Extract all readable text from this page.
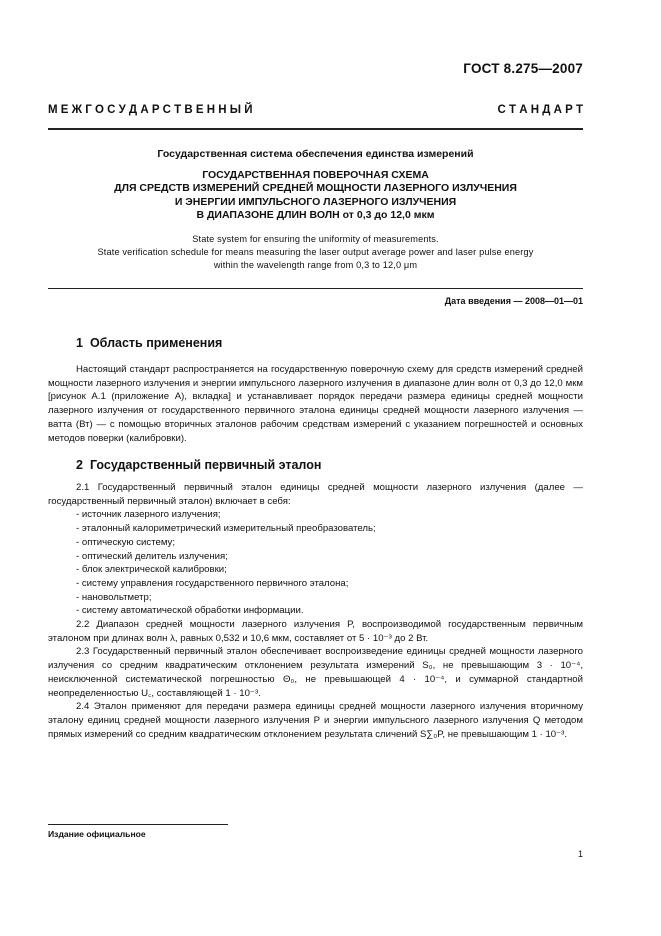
ГОСТ 8.275—2007
М Е Ж Г О С У Д А Р С Т В Е Н Н Ы Й	С Т А Н Д А Р Т
Государственная система обеспечения единства измерений
ГОСУДАРСТВЕННАЯ ПОВЕРОЧНАЯ СХЕМА
ДЛЯ СРЕДСТВ ИЗМЕРЕНИЙ СРЕДНЕЙ МОЩНОСТИ ЛАЗЕРНОГО ИЗЛУЧЕНИЯ
И ЭНЕРГИИ ИМПУЛЬСНОГО ЛАЗЕРНОГО ИЗЛУЧЕНИЯ
В ДИАПАЗОНЕ ДЛИН ВОЛН от 0,3 до 12,0 мкм
State system for ensuring the uniformity of measurements.
State verification schedule for means measuring the laser output average power and laser pulse energy
within the wavelength range from 0,3 to 12,0 μm
Дата введения — 2008—01—01
1 Область применения

Настоящий стандарт распространяется на государственную поверочную схему для средств измерений средней мощности лазерного излучения и энергии импульсного лазерного излучения в диапазоне длин волн от 0,3 до 12,0 мкм [рисунок А.1 (приложение А), вкладка] и устанавливает порядок передачи размера единицы средней мощности лазерного излучения от государственного первичного эталона единицы средней мощности лазерного излучения — ватта (Вт) — с помощью вторичных эталонов рабочим средствам измерений с указанием погрешностей и основных методов поверки (калибровки).

2 Государственный первичный эталон

2.1 Государственный первичный эталон единицы средней мощности лазерного излучения (далее — государственный первичный эталон) включает в себя:

- источник лазерного излучения;
- эталонный калориметрический измерительный преобразователь;
- оптическую систему;
- оптический делитель излучения;
- блок электрической калибровки;
- систему управления государственного первичного эталона;
- нановольтметр;
- систему автоматической обработки информации.

2.2 Диапазон средней мощности лазерного излучения P, воспроизводимой государственным первичным эталоном при длинах волн λ, равных 0,532 и 10,6 мкм, составляет от 5 · 10⁻³ до 2 Вт.

2.3 Государственный первичный эталон обеспечивает воспроизведение единицы средней мощности лазерного излучения со средним квадратическим отклонением результата измерений S₀, не превышающим 3 · 10⁻⁴, неисключенной систематической погрешностью Θ₀, не превышающей 4 · 10⁻⁴, и суммарной стандартной неопределенностью U꜀, составляющей 1 · 10⁻³.

2.4 Эталон применяют для передачи размера единицы средней мощности лазерного излучения вторичному эталону единиц средней мощности лазерного излучения P и энергии импульсного лазерного излучения Q методом прямых измерений со средним квадратическим отклонением результата сличений S∑₀P, не превышающим 1 · 10⁻³.

Издание официальное
1
